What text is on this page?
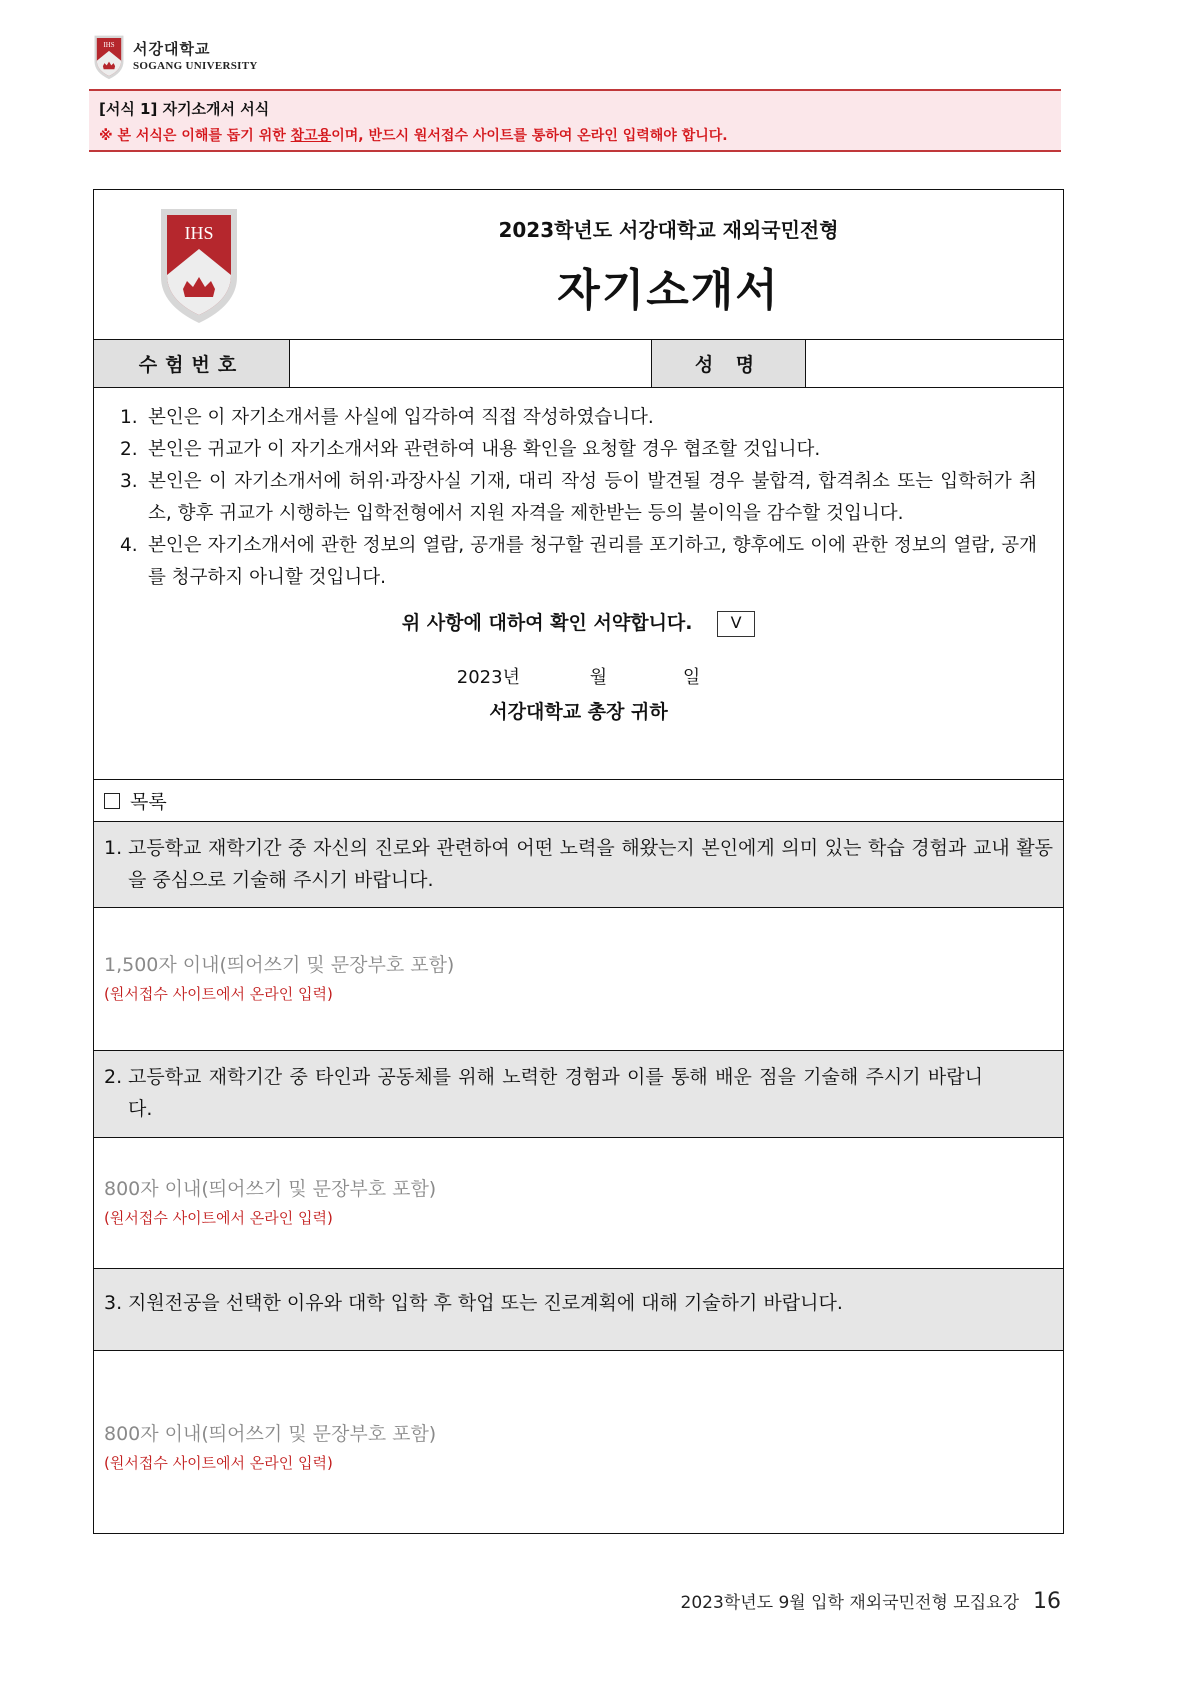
IHS 서강대학교
SOGANG UNIVERSITY
[서식 1] 자기소개서 서식
※ 본 서식은 이해를 돕기 위한 참고용이며, 반드시 원서접수 사이트를 통하여 온라인 입력해야 합니다.
IHS	2023학년도 서강대학교 재외국민전형
자기소개서
수험번호	성 명
1. 본인은 이 자기소개서를 사실에 입각하여 직접 작성하였습니다.
2. 본인은 귀교가 이 자기소개서와 관련하여 내용 확인을 요청할 경우 협조할 것입니다.
3. 본인은 이 자기소개서에 허위·과장사실 기재, 대리 작성 등이 발견될 경우 불합격, 합격취소 또는 입학허가 취소, 향후 귀교가 시행하는 입학전형에서 지원 자격을 제한받는 등의 불이익을 감수할 것입니다.
4. 본인은 자기소개서에 관한 정보의 열람, 공개를 청구할 권리를 포기하고, 향후에도 이에 관한 정보의 열람, 공개를 청구하지 아니할 것입니다.
위 사항에 대하여 확인 서약합니다. V
2023년	월	일
서강대학교 총장 귀하
목록
1. 고등학교 재학기간 중 자신의 진로와 관련하여 어떤 노력을 해왔는지 본인에게 의미 있는 학습 경험과 교내 활동을 중심으로 기술해 주시기 바랍니다.
1,500자 이내(띄어쓰기 및 문장부호 포함)
(원서접수 사이트에서 온라인 입력)
2. 고등학교 재학기간 중 타인과 공동체를 위해 노력한 경험과 이를 통해 배운 점을 기술해 주시기 바랍니다.
800자 이내(띄어쓰기 및 문장부호 포함)
(원서접수 사이트에서 온라인 입력)
3. 지원전공을 선택한 이유와 대학 입학 후 학업 또는 진로계획에 대해 기술하기 바랍니다.
800자 이내(띄어쓰기 및 문장부호 포함)
(원서접수 사이트에서 온라인 입력)
2023학년도 9월 입학 재외국민전형 모집요강 16
